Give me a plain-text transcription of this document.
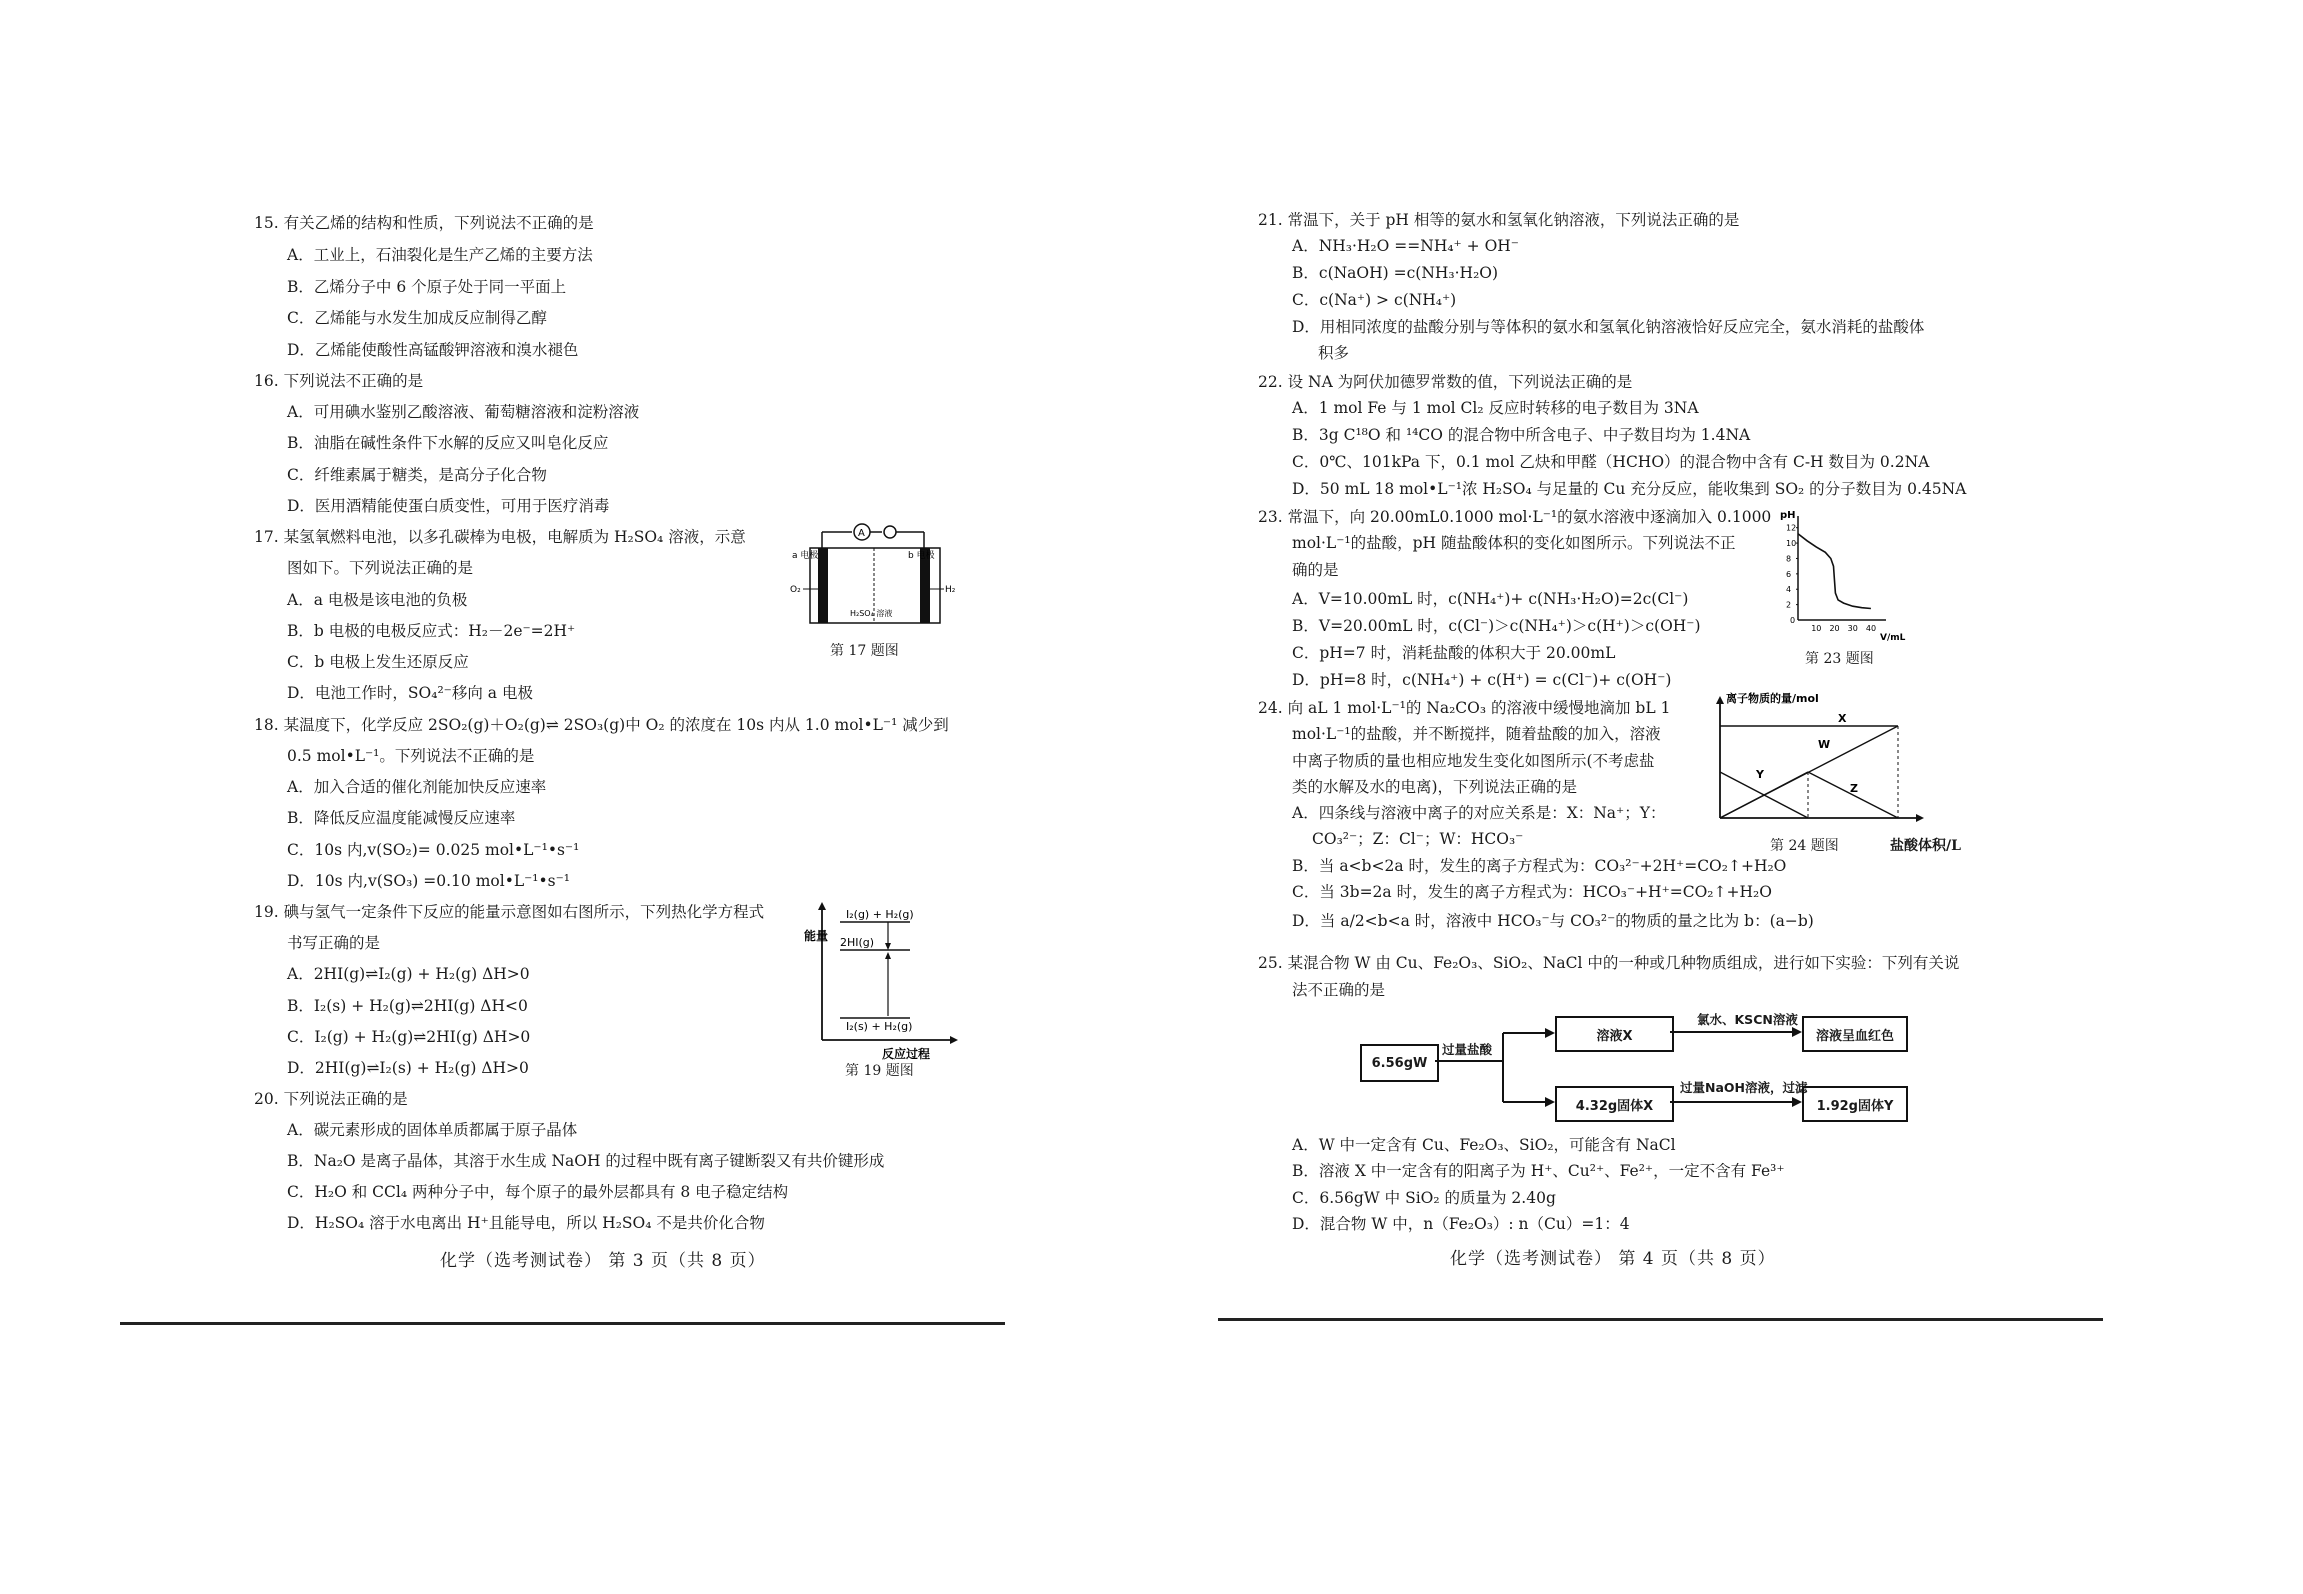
15. 有关乙烯的结构和性质，下列说法不正确的是
A．工业上，石油裂化是生产乙烯的主要方法
B．乙烯分子中 6 个原子处于同一平面上
C．乙烯能与水发生加成反应制得乙醇
D．乙烯能使酸性高锰酸钾溶液和溴水褪色
16. 下列说法不正确的是
A．可用碘水鉴别乙酸溶液、葡萄糖溶液和淀粉溶液
B．油脂在碱性条件下水解的反应又叫皂化反应
C．纤维素属于糖类，是高分子化合物
D．医用酒精能使蛋白质变性，可用于医疗消毒
17. 某氢氧燃料电池，以多孔碳棒为电极，电解质为 H₂SO₄ 溶液，示意
图如下。下列说法正确的是
A．a 电极是该电池的负极
B．b 电极的电极反应式：H₂－2e⁻=2H⁺
C．b 电极上发生还原反应
D．电池工作时，SO₄²⁻移向 a 电极
A
a 电极	b 电极
O₂	H₂
H₂SO₄ 溶液
第 17 题图
18. 某温度下，化学反应 2SO₂(g)＋O₂(g)⇌ 2SO₃(g)中 O₂ 的浓度在 10s 内从 1.0 mol•L⁻¹ 减少到
0.5 mol•L⁻¹。下列说法不正确的是
A．加入合适的催化剂能加快反应速率
B．降低反应温度能减慢反应速率
C．10s 内,v(SO₂)= 0.025 mol•L⁻¹•s⁻¹
D．10s 内,v(SO₃) =0.10 mol•L⁻¹•s⁻¹
19. 碘与氢气一定条件下反应的能量示意图如右图所示，下列热化学方程式
书写正确的是
A．2HI(g)⇌I₂(g) + H₂(g) ΔH>0
B．I₂(s) + H₂(g)⇌2HI(g) ΔH<0
C．I₂(g) + H₂(g)⇌2HI(g) ΔH>0
D．2HI(g)⇌I₂(s) + H₂(g) ΔH>0
能量
I₂(g) + H₂(g)
2HI(g)
I₂(s) + H₂(g)
反应过程
第 19 题图
20. 下列说法正确的是
A．碳元素形成的固体单质都属于原子晶体
B．Na₂O 是离子晶体，其溶于水生成 NaOH 的过程中既有离子键断裂又有共价键形成
C．H₂O 和 CCl₄ 两种分子中，每个原子的最外层都具有 8 电子稳定结构
D．H₂SO₄ 溶于水电离出 H⁺且能导电，所以 H₂SO₄ 不是共价化合物
化学（选考测试卷） 第 3 页（共 8 页）
21. 常温下，关于 pH 相等的氨水和氢氧化钠溶液，下列说法正确的是
A．NH₃·H₂O ==NH₄⁺ + OH⁻
B．c(NaOH) =c(NH₃·H₂O)
C．c(Na⁺) > c(NH₄⁺)
D．用相同浓度的盐酸分别与等体积的氨水和氢氧化钠溶液恰好反应完全，氨水消耗的盐酸体
积多
22. 设 NA 为阿伏加德罗常数的值，下列说法正确的是
A．1 mol Fe 与 1 mol Cl₂ 反应时转移的电子数目为 3NA
B．3g C¹⁸O 和 ¹⁴CO 的混合物中所含电子、中子数目均为 1.4NA
C．0℃、101kPa 下，0.1 mol 乙炔和甲醛（HCHO）的混合物中含有 C-H 数目为 0.2NA
D．50 mL 18 mol•L⁻¹浓 H₂SO₄ 与足量的 Cu 充分反应，能收集到 SO₂ 的分子数目为 0.45NA
23. 常温下，向 20.00mL0.1000 mol·L⁻¹的氨水溶液中逐滴加入 0.1000
mol·L⁻¹的盐酸，pH 随盐酸体积的变化如图所示。下列说法不正
确的是
A．V=10.00mL 时，c(NH₄⁺)+ c(NH₃·H₂O)=2c(Cl⁻)
B．V=20.00mL 时，c(Cl⁻)＞c(NH₄⁺)＞c(H⁺)＞c(OH⁻)
C．pH=7 时，消耗盐酸的体积大于 20.00mL
D．pH=8 时，c(NH₄⁺) + c(H⁺) = c(Cl⁻)+ c(OH⁻)
2
4
6
8
10
12
0
10 20 30 40
pH
V/mL
第 23 题图
24. 向 aL 1 mol·L⁻¹的 Na₂CO₃ 的溶液中缓慢地滴加 bL 1
mol·L⁻¹的盐酸，并不断搅拌，随着盐酸的加入，溶液
中离子物质的量也相应地发生变化如图所示(不考虑盐
类的水解及水的电离)，下列说法正确的是
A．四条线与溶液中离子的对应关系是：X：Na⁺；Y：
CO₃²⁻；Z：Cl⁻；W：HCO₃⁻
B．当 a<b<2a 时，发生的离子方程式为：CO₃²⁻+2H⁺=CO₂↑+H₂O
C．当 3b=2a 时，发生的离子方程式为：HCO₃⁻+H⁺=CO₂↑+H₂O
D．当 a/2<b<a 时，溶液中 HCO₃⁻与 CO₃²⁻的物质的量之比为 b：(a−b)
离子物质的量/mol
X
Y
W
Z
第 24 题图	盐酸体积/L
25. 某混合物 W 由 Cu、Fe₂O₃、SiO₂、NaCl 中的一种或几种物质组成，进行如下实验：下列有关说
法不正确的是
6.56gW
过量盐酸
溶液X
氯水、KSCN溶液
溶液呈血红色
4.32g固体X
过量NaOH溶液，过滤
1.92g固体Y
A．W 中一定含有 Cu、Fe₂O₃、SiO₂，可能含有 NaCl
B．溶液 X 中一定含有的阳离子为 H⁺、Cu²⁺、Fe²⁺，一定不含有 Fe³⁺
C．6.56gW 中 SiO₂ 的质量为 2.40g
D．混合物 W 中，n（Fe₂O₃）: n（Cu）=1：4
化学（选考测试卷） 第 4 页（共 8 页）
